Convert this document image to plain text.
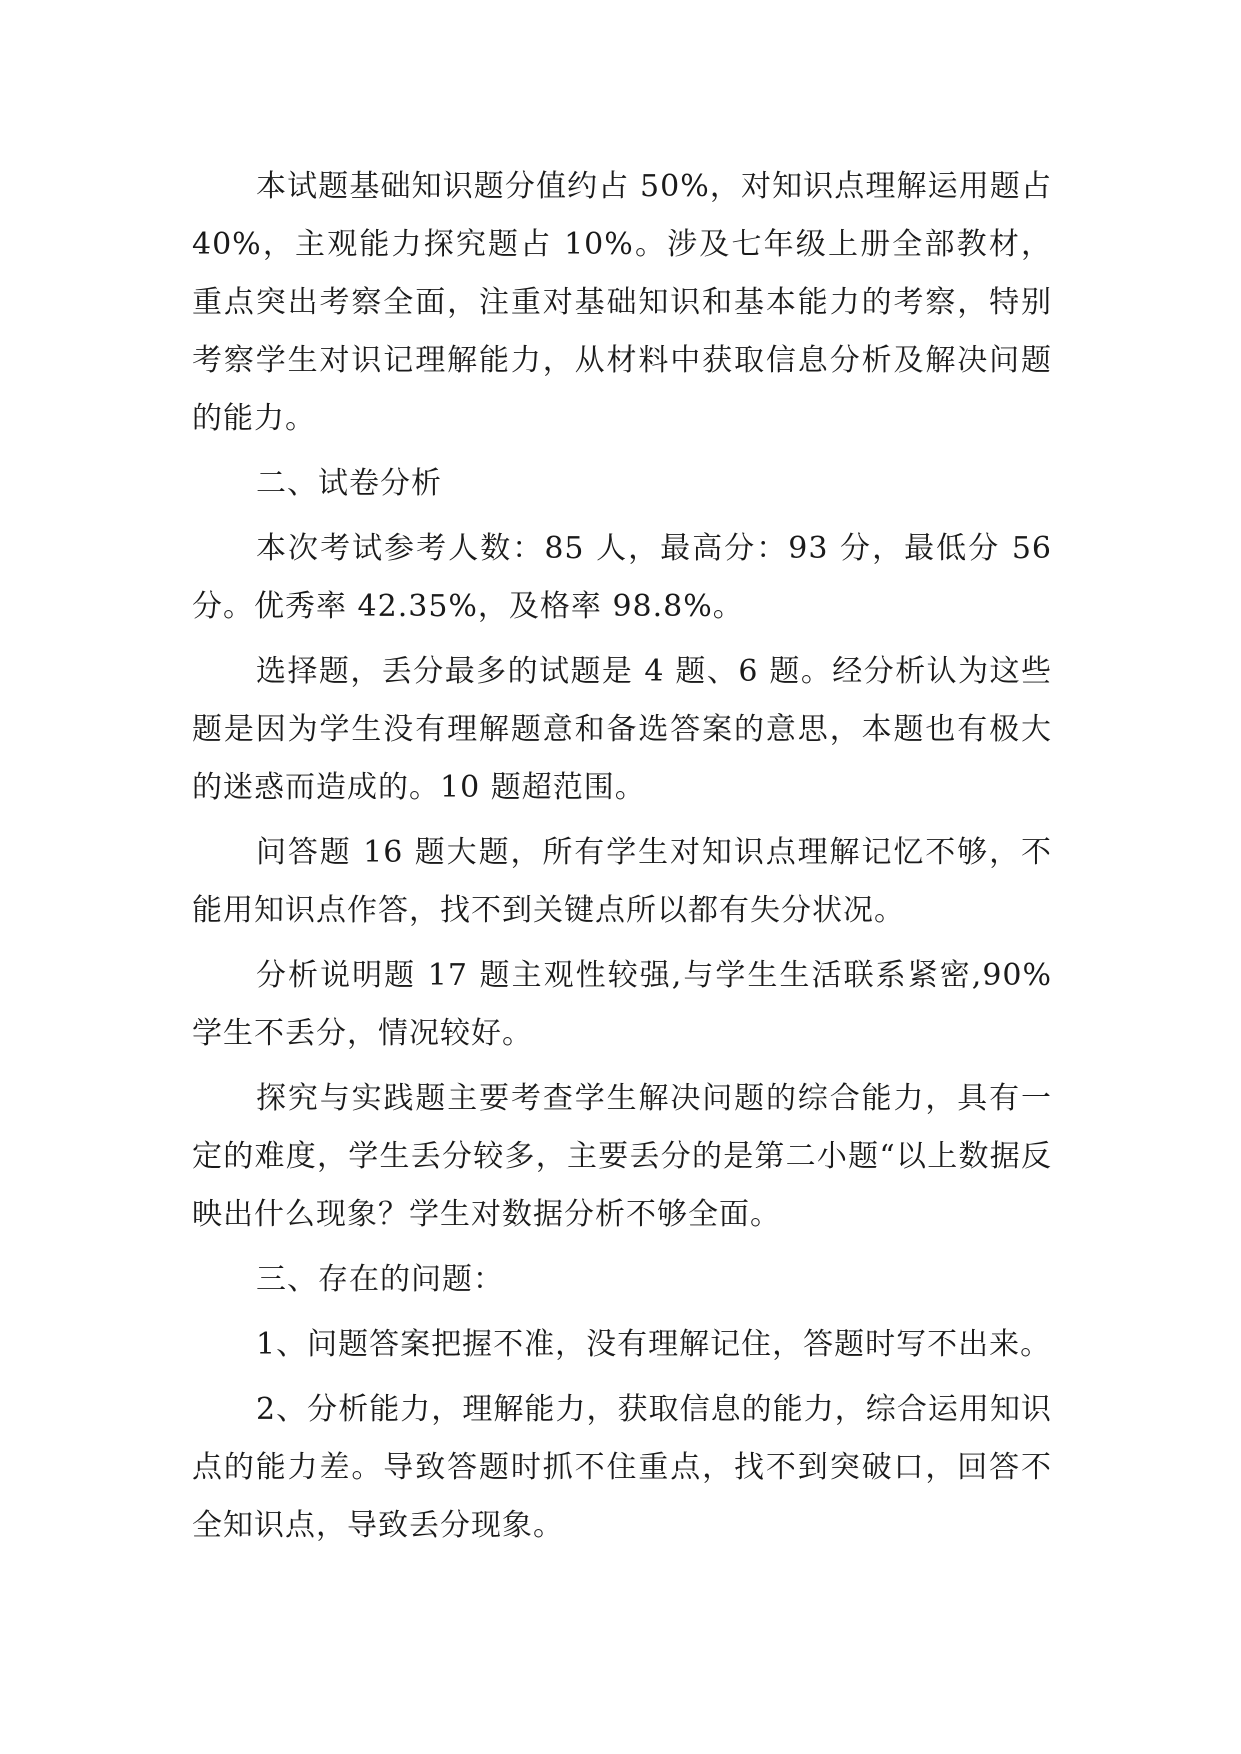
本试题基础知识题分值约占 50%，对知识点理解运用题占 40%，主观能力探究题占 10%。涉及七年级上册全部教材，重点突出考察全面，注重对基础知识和基本能力的考察，特别考察学生对识记理解能力，从材料中获取信息分析及解决问题的能力。

二、试卷分析

本次考试参考人数：85 人，最高分：93 分，最低分 56 分。优秀率 42.35%，及格率 98.8%。

选择题，丢分最多的试题是 4 题、6 题。经分析认为这些题是因为学生没有理解题意和备选答案的意思，本题也有极大的迷惑而造成的。10 题超范围。

问答题 16 题大题，所有学生对知识点理解记忆不够，不能用知识点作答，找不到关键点所以都有失分状况。

分析说明题 17 题主观性较强,与学生生活联系紧密,90%学生不丢分，情况较好。

探究与实践题主要考查学生解决问题的综合能力，具有一定的难度，学生丢分较多，主要丢分的是第二小题“以上数据反映出什么现象？学生对数据分析不够全面。

三、存在的问题：

1、问题答案把握不准，没有理解记住，答题时写不出来。

2、分析能力，理解能力，获取信息的能力，综合运用知识点的能力差。导致答题时抓不住重点，找不到突破口，回答不全知识点，导致丢分现象。
